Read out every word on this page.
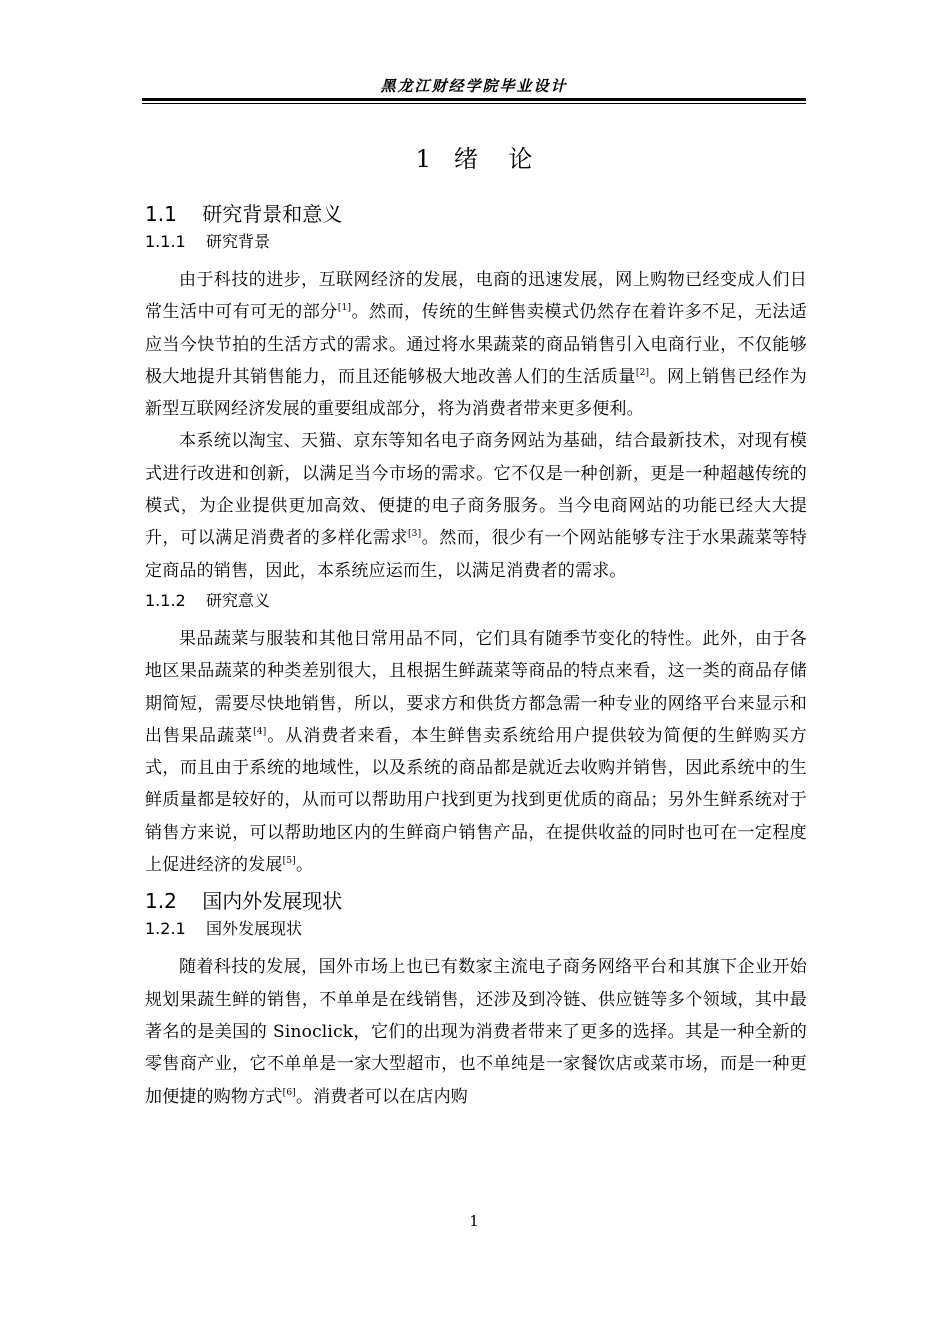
黑龙江财经学院毕业设计
1   绪    论
1.1    研究背景和意义
1.1.1    研究背景

由于科技的进步，互联网经济的发展，电商的迅速发展，网上购物已经变成人们日常生活中可有可无的部分[1]。然而，传统的生鲜售卖模式仍然存在着许多不足，无法适应当今快节拍的生活方式的需求。通过将水果蔬菜的商品销售引入电商行业，不仅能够极大地提升其销售能力，而且还能够极大地改善人们的生活质量[2]。网上销售已经作为新型互联网经济发展的重要组成部分，将为消费者带来更多便利。

本系统以淘宝、天猫、京东等知名电子商务网站为基础，结合最新技术，对现有模式进行改进和创新，以满足当今市场的需求。它不仅是一种创新，更是一种超越传统的模式，为企业提供更加高效、便捷的电子商务服务。当今电商网站的功能已经大大提升，可以满足消费者的多样化需求[3]。然而，很少有一个网站能够专注于水果蔬菜等特定商品的销售，因此，本系统应运而生，以满足消费者的需求。

1.1.2    研究意义

果品蔬菜与服装和其他日常用品不同，它们具有随季节变化的特性。此外，由于各地区果品蔬菜的种类差别很大，且根据生鲜蔬菜等商品的特点来看，这一类的商品存储期简短，需要尽快地销售，所以，要求方和供货方都急需一种专业的网络平台来显示和出售果品蔬菜[4]。从消费者来看，本生鲜售卖系统给用户提供较为简便的生鲜购买方式，而且由于系统的地域性，以及系统的商品都是就近去收购并销售，因此系统中的生鲜质量都是较好的，从而可以帮助用户找到更为找到更优质的商品；另外生鲜系统对于销售方来说，可以帮助地区内的生鲜商户销售产品，在提供收益的同时也可在一定程度上促进经济的发展[5]。

1.2    国内外发展现状
1.2.1    国外发展现状

随着科技的发展，国外市场上也已有数家主流电子商务网络平台和其旗下企业开始规划果蔬生鲜的销售，不单单是在线销售，还涉及到冷链、供应链等多个领域，其中最著名的是美国的 Sinoclick，它们的出现为消费者带来了更多的选择。其是一种全新的零售商产业，它不单单是一家大型超市，也不单纯是一家餐饮店或菜市场，而是一种更加便捷的购物方式[6]。消费者可以在店内购

1
